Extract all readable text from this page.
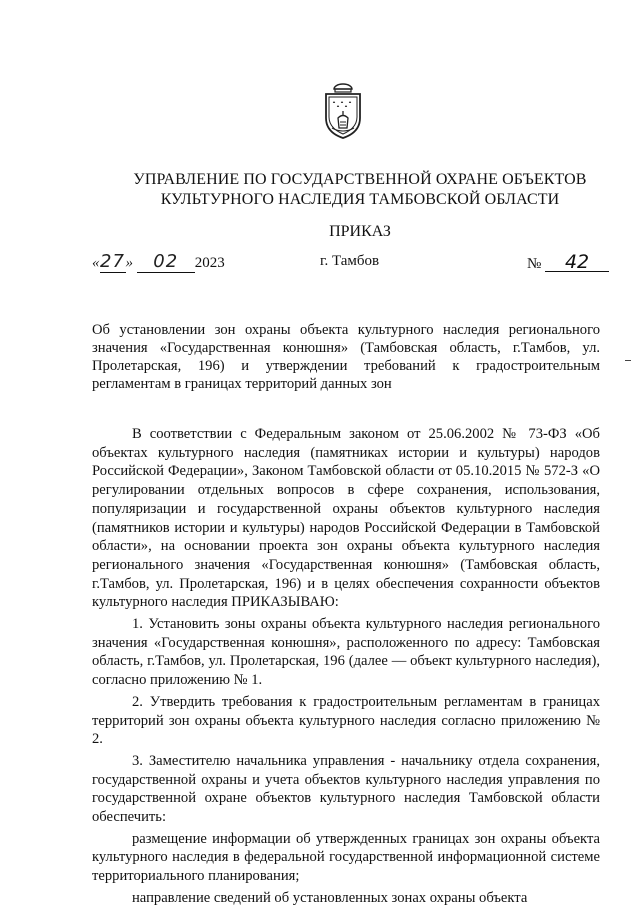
УПРАВЛЕНИЕ ПО ГОСУДАРСТВЕННОЙ ОХРАНЕ ОБЪЕКТОВ
КУЛЬТУРНОГО НАСЛЕДИЯ ТАМБОВСКОЙ ОБЛАСТИ
ПРИКАЗ
«27» 02 2023	г. Тамбов	№ 42
Об установлении зон охраны объекта культурного наследия регионального значения «Государственная конюшня» (Тамбовская область, г.Тамбов, ул. Пролетарская, 196) и утверждении требований к градостроительным регламентам в границах территорий данных зон

В соответствии с Федеральным законом от 25.06.2002 № 73-ФЗ «Об объектах культурного наследия (памятниках истории и культуры) народов Российской Федерации», Законом Тамбовской области от 05.10.2015 № 572-З «О регулировании отдельных вопросов в сфере сохранения, использования, популяризации и государственной охраны объектов культурного наследия (памятников истории и культуры) народов Российской Федерации в Тамбовской области», на основании проекта зон охраны объекта культурного наследия регионального значения «Государственная конюшня» (Тамбовская область, г.Тамбов, ул. Пролетарская, 196) и в целях обеспечения сохранности объектов культурного наследия ПРИКАЗЫВАЮ:

1. Установить зоны охраны объекта культурного наследия регионального значения «Государственная конюшня», расположенного по адресу: Тамбовская область, г.Тамбов, ул. Пролетарская, 196 (далее — объект культурного наследия), согласно приложению № 1.

2. Утвердить требования к градостроительным регламентам в границах территорий зон охраны объекта культурного наследия согласно приложению № 2.

3. Заместителю начальника управления - начальнику отдела сохранения, государственной охраны и учета объектов культурного наследия управления по государственной охране объектов культурного наследия Тамбовской области обеспечить:

размещение информации об утвержденных границах зон охраны объекта культурного наследия в федеральной государственной информационной системе территориального планирования;

направление сведений об установленных зонах охраны объекта
